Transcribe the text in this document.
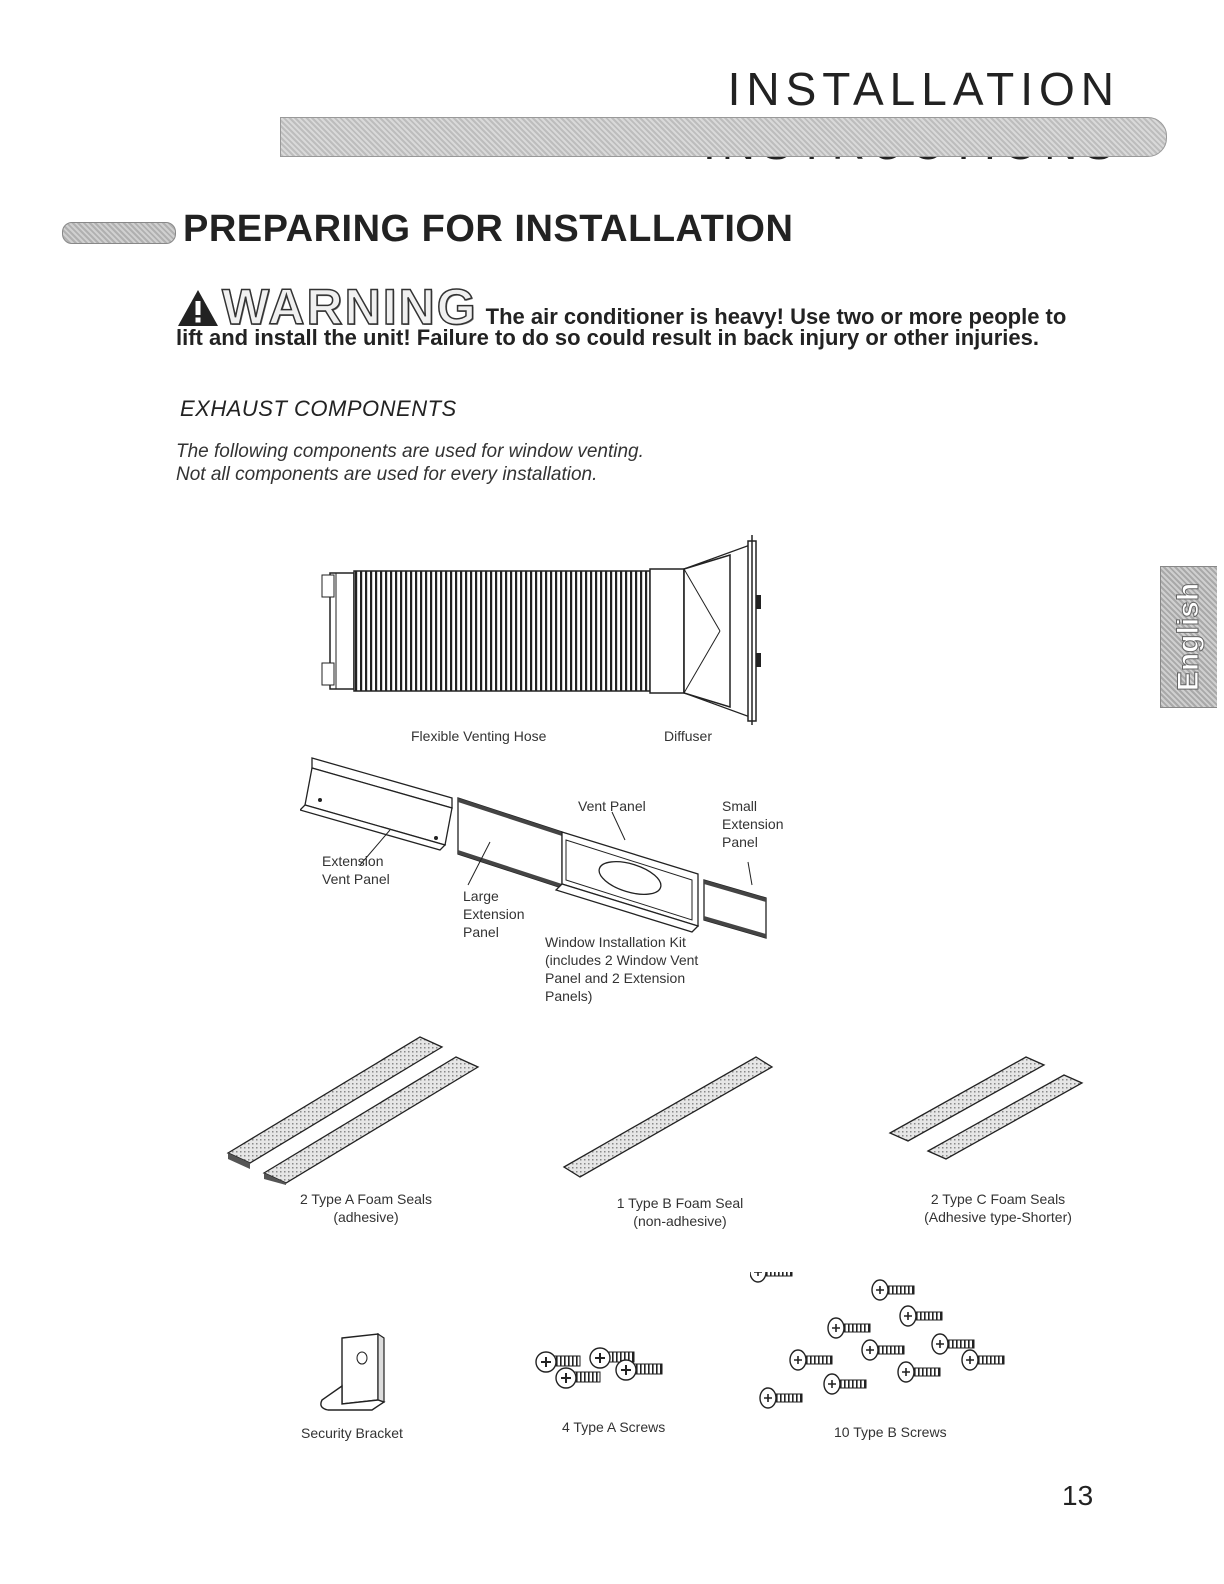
INSTALLATION
PREPARING FOR INSTALLATION
WARNING The air conditioner is heavy! Use two or more people to
lift and install the unit! Failure to do so could result in back injury or other injuries.
EXHAUST COMPONENTS
The following components are used for window venting.
Not all components are used for every installation.
Flexible Venting Hose	Diffuser
Vent Panel	Small
Extension
Panel
Extension
Vent Panel
Large
Extension
Panel
Window Installation Kit
(includes 2 Window Vent
Panel and 2 Extension
Panels)
2 Type A Foam Seals
(adhesive)
1 Type B Foam Seal
(non-adhesive)
2 Type C Foam Seals
(Adhesive type-Shorter)
Security Bracket	4 Type A Screws	10 Type B Screws
English
13
